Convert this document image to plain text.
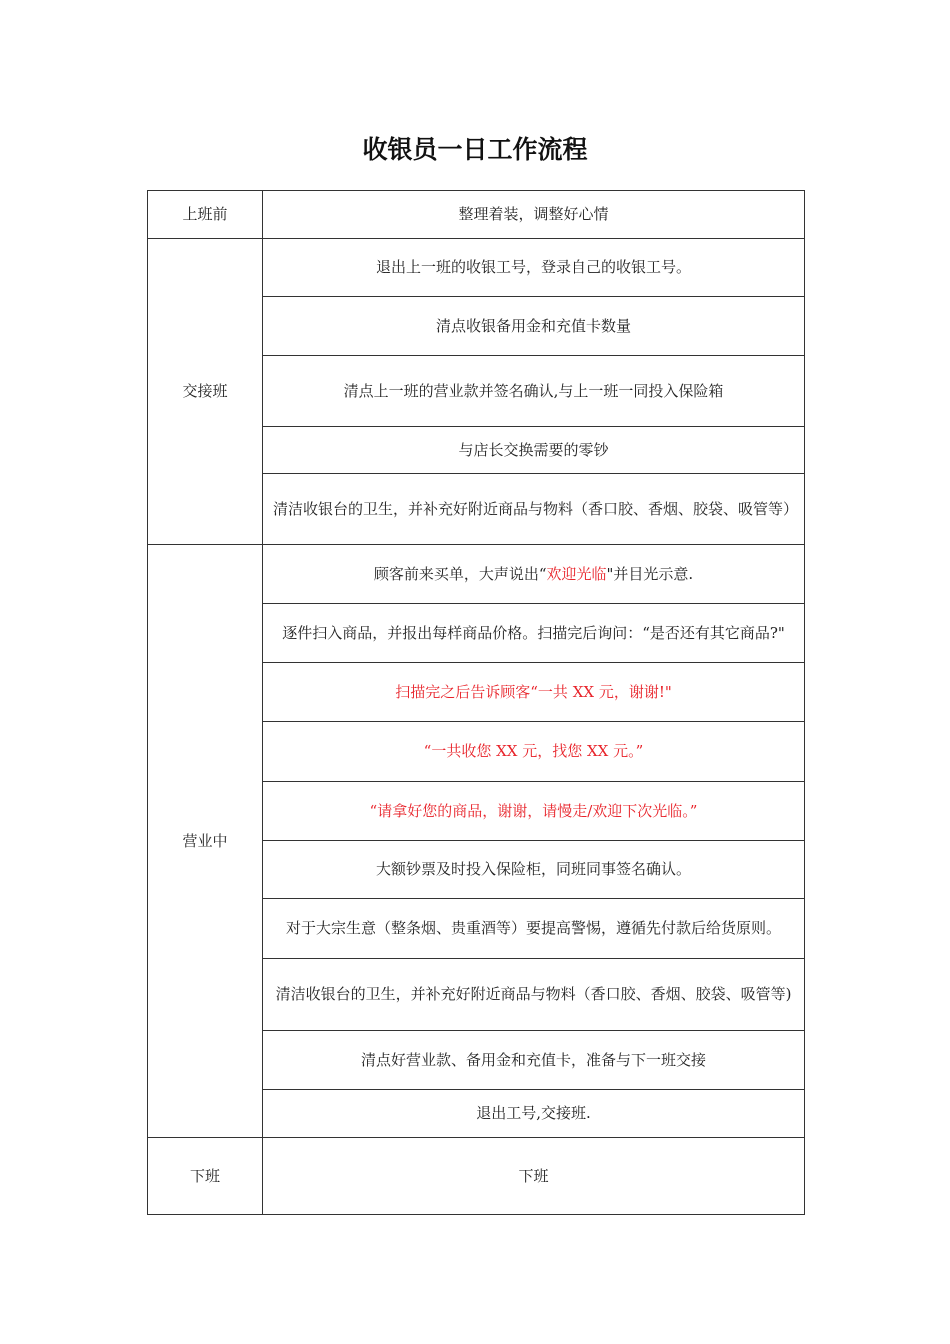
收银员一日工作流程
上班前	整理着装，调整好心情
交接班	退出上一班的收银工号，登录自己的收银工号。
	清点收银备用金和充值卡数量
	清点上一班的营业款并签名确认,与上一班一同投入保险箱
	与店长交换需要的零钞
	清洁收银台的卫生，并补充好附近商品与物料（香口胶、香烟、胶袋、吸管等）
营业中	顾客前来买单，大声说出“欢迎光临"并目光示意.
	逐件扫入商品，并报出每样商品价格。扫描完后询问：“是否还有其它商品?"
	扫描完之后告诉顾客“一共 XX 元，谢谢!"
	“一共收您 XX 元，找您 XX 元。”
	“请拿好您的商品，谢谢，请慢走/欢迎下次光临。”
	大额钞票及时投入保险柜，同班同事签名确认。
	对于大宗生意（整条烟、贵重酒等）要提高警惕，遵循先付款后给货原则。
	清洁收银台的卫生，并补充好附近商品与物料（香口胶、香烟、胶袋、吸管等)
	清点好营业款、备用金和充值卡，准备与下一班交接
	退出工号,交接班.
下班	下班
